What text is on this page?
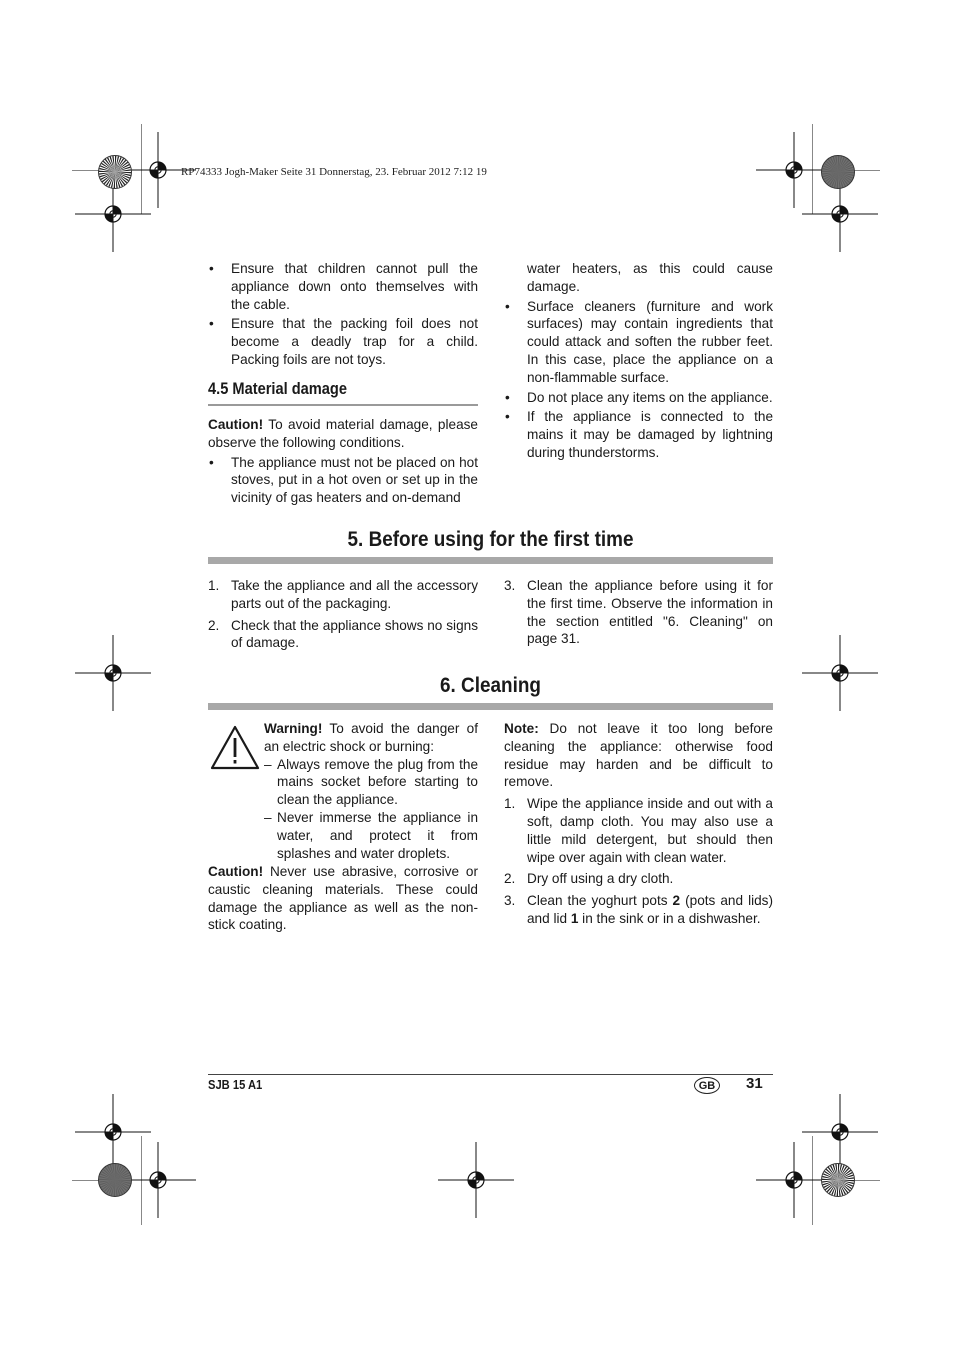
RP74333 Jogh-Maker Seite 31 Donnerstag, 23. Februar 2012 7:12 19
• Ensure that children cannot pull the appliance down onto themselves with the cable.
• Ensure that the packing foil does not become a deadly trap for a child. Packing foils are not toys.
4.5 Material damage

Caution! To avoid material damage, please observe the following conditions.

• The appliance must not be placed on hot stoves, put in a hot oven or set up in the vicinity of gas heaters and on-demand

water heaters, as this could cause damage.

• Surface cleaners (furniture and work surfaces) may contain ingredients that could attack and soften the rubber feet. In this case, place the appliance on a non-flammable surface.
• Do not place any items on the appliance.
• If the appliance is connected to the mains it may be damaged by lightning during thunderstorms.
5. Before using for the first time
1. Take the appliance and all the accessory parts out of the packaging.
2. Check that the appliance shows no signs of damage.
3. Clean the appliance before using it for the first time. Observe the information in the section entitled "6. Cleaning" on page 31.
6. Cleaning

Warning! To avoid the danger of an electric shock or burning:

– Always remove the plug from the mains socket before starting to clean the appliance.
– Never immerse the appliance in water, and protect it from splashes and water droplets.

Caution! Never use abrasive, corrosive or caustic cleaning materials. These could damage the appliance as well as the non-stick coating.

Note: Do not leave it too long before cleaning the appliance: otherwise food residue may harden and be difficult to remove.

1. Wipe the appliance inside and out with a soft, damp cloth. You may also use a little mild detergent, but should then wipe over again with clean water.
2. Dry off using a dry cloth.
3. Clean the yoghurt pots 2 (pots and lids) and lid 1 in the sink or in a dishwasher.
SJB 15 A1	GB	31
